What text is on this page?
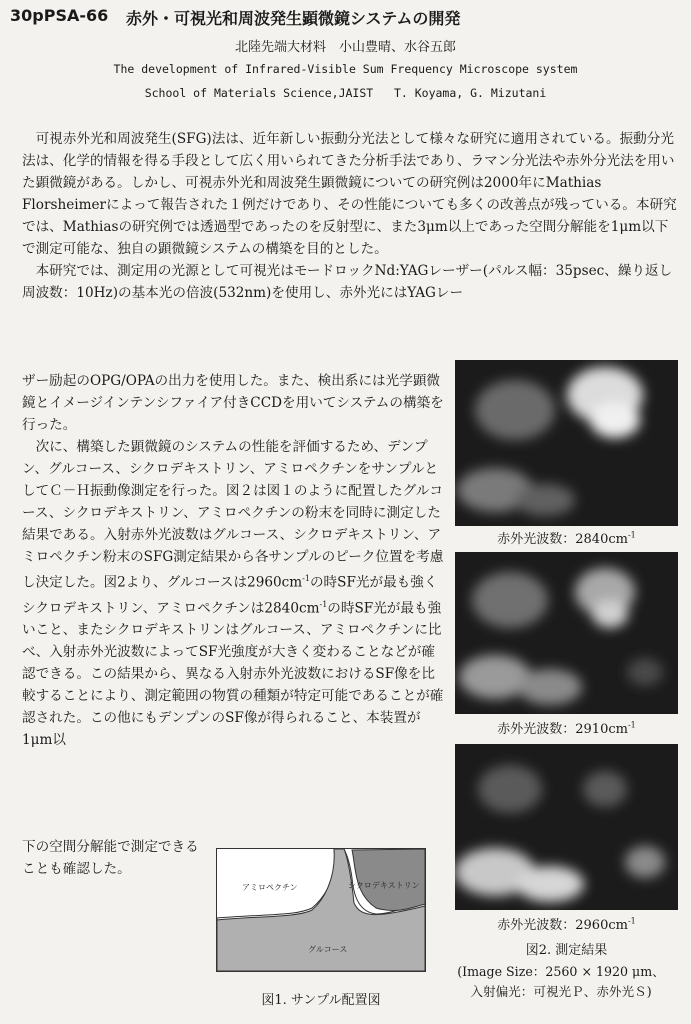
30pPSA-66 赤外・可視光和周波発生顕微鏡システムの開発
北陸先端大材料　小山豊晴、水谷五郎
The development of Infrared-Visible Sum Frequency Microscope system
School of Materials Science,JAIST   T. Koyama, G. Mizutani

可視赤外光和周波発生(SFG)法は、近年新しい振動分光法として様々な研究に適用されている。振動分光法は、化学的情報を得る手段として広く用いられてきた分析手法であり、ラマン分光法や赤外分光法を用いた顕微鏡がある。しかし、可視赤外光和周波発生顕微鏡についての研究例は2000年にMathias Florsheimerによって報告された１例だけであり、その性能についても多くの改善点が残っている。本研究では、Mathiasの研究例では透過型であったのを反射型に、また3μm以上であった空間分解能を1μm以下で測定可能な、独自の顕微鏡システムの構築を目的とした。

本研究では、測定用の光源として可視光はモードロックNd:YAGレーザー(パルス幅：35psec、繰り返し周波数：10Hz)の基本光の倍波(532nm)を使用し、赤外光にはYAGレー

ザー励起のOPG/OPAの出力を使用した。また、検出系には光学顕微鏡とイメージインテンシファイア付きCCDを用いてシステムの構築を行った。

次に、構築した顕微鏡のシステムの性能を評価するため、デンプン、グルコース、シクロデキストリン、アミロペクチンをサンプルとしてＣ－Ｈ振動像測定を行った。図２は図１のように配置したグルコース、シクロデキストリン、アミロペクチンの粉末を同時に測定した結果である。入射赤外光波数はグルコース、シクロデキストリン、アミロペクチン粉末のSFG測定結果から各サンプルのピーク位置を考慮し決定した。図2より、グルコースは$2960cm^{-1}$の時SF光が最も強くシクロデキストリン、アミロペクチンは$2840cm^{-1}$の時SF光が最も強いこと、またシクロデキストリンはグルコース、アミロペクチンに比べ、入射赤外光波数によってSF光強度が大きく変わることなどが確認できる。この結果から、異なる入射赤外光波数におけるSF像を比較することにより、測定範囲の物質の種類が特定可能であることが確認された。この他にもデンプンのSF像が得られること、本装置が1μm以

下の空間分解能で測定できることも確認した。

アミロペクチン	シクロデキストリン
グルコース
図1. サンプル配置図
赤外光波数：$2840cm^{-1}$
赤外光波数：$2910cm^{-1}$
赤外光波数：$2960cm^{-1}$
図2. 測定結果
(Image Size：2560 × 1920 μm、
入射偏光：可視光Ｐ、赤外光Ｓ)
